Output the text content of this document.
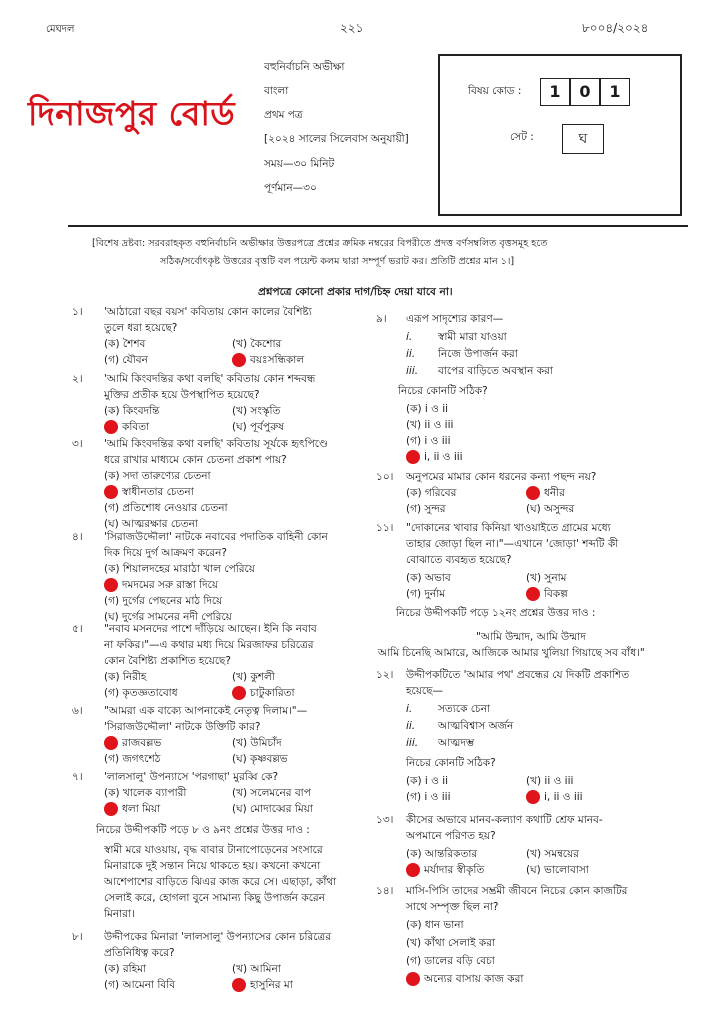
মেঘদল	২২১	৮০০৪/২০২৪
দিনাজপুর বোর্ড
বহুনির্বাচনি অভীক্ষা
বাংলা
প্রথম পত্র
[২০২৪ সালের সিলেবাস অনুযায়ী]
সময়—৩০ মিনিট
পূর্ণমান—৩০
বিষয় কোড :	1	0	1
সেট :	ঘ
[বিশেষ দ্রষ্টব্য: সরবরাহকৃত বহুনির্বাচনি অভীক্ষার উত্তরপত্রে প্রশ্নের ক্রমিক নম্বরের বিপরীতে প্রদত্ত বর্ণসম্বলিত বৃত্তসমূহ হতে
সঠিক/সর্বোৎকৃষ্ট উত্তরের বৃত্তটি বল পয়েন্ট কলম দ্বারা সম্পূর্ণ ভরাট কর। প্রতিটি প্রশ্নের মান ১।]
প্রশ্নপত্রে কোনো প্রকার দাগ/চিহ্ন দেয়া যাবে না।
১। 'আঠারো বছর বয়স' কবিতায় কোন কালের বৈশিষ্ট্য
তুলে ধরা হয়েছে?
(ক) শৈশব	(খ) কৈশোর
(গ) যৌবন	বয়ঃসন্ধিকাল
২। 'আমি কিংবদন্তির কথা বলছি' কবিতায় কোন শব্দবন্ধ
মুক্তির প্রতীক হয়ে উপস্থাপিত হয়েছে?
(ক) কিংবদন্তি	(খ) সংস্কৃতি
কবিতা	(ঘ) পূর্বপুরুষ
৩। 'আমি কিংবদন্তির কথা বলছি' কবিতায় সূর্যকে হৃৎপিণ্ডে
ধরে রাখার মাধ্যমে কোন চেতনা প্রকাশ পায়?
(ক) সদা তারুণ্যের চেতনা
স্বাধীনতার চেতনা
(গ) প্রতিশোধ নেওয়ার চেতনা
(ঘ) আত্মরক্ষার চেতনা
৪। 'সিরাজউদ্দৌলা' নাটকে নবাবের পদাতিক বাহিনী কোন
দিক দিয়ে দুর্গ আক্রমণ করেন?
(ক) শিয়ালদহের মারাঠা খাল পেরিয়ে
দমদমের সরু রাস্তা দিয়ে
(গ) দুর্গের পেছনের মাঠ দিয়ে
(ঘ) দুর্গের সামনের নদী পেরিয়ে
৫। "নবাব মসনদের পাশে দাঁড়িয়ে আছেন। ইনি কি নবাব
না ফকির।"—এ কথার মধ্য দিয়ে মিরজাফর চরিত্রের
কোন বৈশিষ্ট্য প্রকাশিত হয়েছে?
(ক) নিরীহ	(খ) কুশলী
(গ) কৃতজ্ঞতাবোধ	চাটুকারিতা
৬। "আমরা এক বাক্যে আপনাকেই নেতৃত্ব দিলাম।"—
'সিরাজউদ্দৌলা' নাটকে উক্তিটি কার?
রাজবল্লভ	(খ) উমিচাঁদ
(গ) জগৎশেঠ	(ঘ) কৃষ্ণবল্লভ
৭। 'লালসালু' উপন্যাসে 'পরগাছা' মুরব্বি কে?
(ক) খালেক ব্যাপারী	(খ) সলেমনের বাপ
ধলা মিয়া	(ঘ) মোদাব্বের মিয়া
নিচের উদ্দীপকটি পড়ে ৮ ও ৯নং প্রশ্নের উত্তর দাও :
স্বামী মরে যাওয়ায়, বৃদ্ধ বাবার টানাপোড়েনের সংসারে
মিনারাকে দুই সন্তান নিয়ে থাকতে হয়। কখনো কখনো
আশেপাশের বাড়িতে ঝিএর কাজ করে সে। এছাড়া, কাঁথা
সেলাই করে, হোগলা বুনে সামান্য কিছু উপার্জন করেন
মিনারা।
৮। উদ্দীপকের মিনারা 'লালসালু' উপন্যাসের কোন চরিত্রের
প্রতিনিধিত্ব করে?
(ক) রহিমা	(খ) আমিনা
(গ) আমেনা বিবি	হাসুনির মা
৯। এরূপ সাদৃশ্যের কারণ—
i. স্বামী মারা যাওয়া
ii. নিজে উপার্জন করা
iii. বাপের বাড়িতে অবস্থান করা
নিচের কোনটি সঠিক?
(ক) i ও ii
(খ) ii ও iii
(গ) i ও iii
i, ii ও iii
১০। অনুপমের মামার কোন ধরনের কন্যা পছন্দ নয়?
(ক) গরিবের	ধনীর
(গ) সুন্দর	(ঘ) অসুন্দর
১১। "দোকানের খাবার কিনিয়া খাওয়াইতে গ্রামের মধ্যে
তাহার জোড়া ছিল না।"—এখানে 'জোড়া' শব্দটি কী
বোঝাতে ব্যবহৃত হয়েছে?
(ক) অভাব	(খ) সুনাম
(গ) দুর্নাম	বিকল্প
নিচের উদ্দীপকটি পড়ে ১২নং প্রশ্নের উত্তর দাও :
"আমি উন্মাদ, আমি উন্মাদ
আমি চিনেছি আমারে, আজিকে আমার খুলিয়া গিয়াছে সব বাঁধ।"
১২। উদ্দীপকটিতে 'আমার পথ' প্রবন্ধের যে দিকটি প্রকাশিত
হয়েছে—
i. সত্যকে চেনা
ii. আত্মবিশ্বাস অর্জন
iii. আত্মদম্ভ
নিচের কোনটি সঠিক?
(ক) i ও ii	(খ) ii ও iii
(গ) i ও iii	i, ii ও iii
১৩। কীসের অভাবে মানব-কল্যাণ কথাটি শ্রেফ মানব-
অপমানে পরিণত হয়?
(ক) আন্তরিকতার	(খ) সমন্বয়ের
মর্যাদার স্বীকৃতি	(ঘ) ভালোবাসা
১৪। মাসি-পিসি তাদের সম্ভ্রমী জীবনে নিচের কোন কাজটির
সাথে সম্পৃক্ত ছিল না?
(ক) ধান ভানা
(খ) কাঁথা সেলাই করা
(গ) ডালের বড়ি বেচা
অন্যের বাসায় কাজ করা
